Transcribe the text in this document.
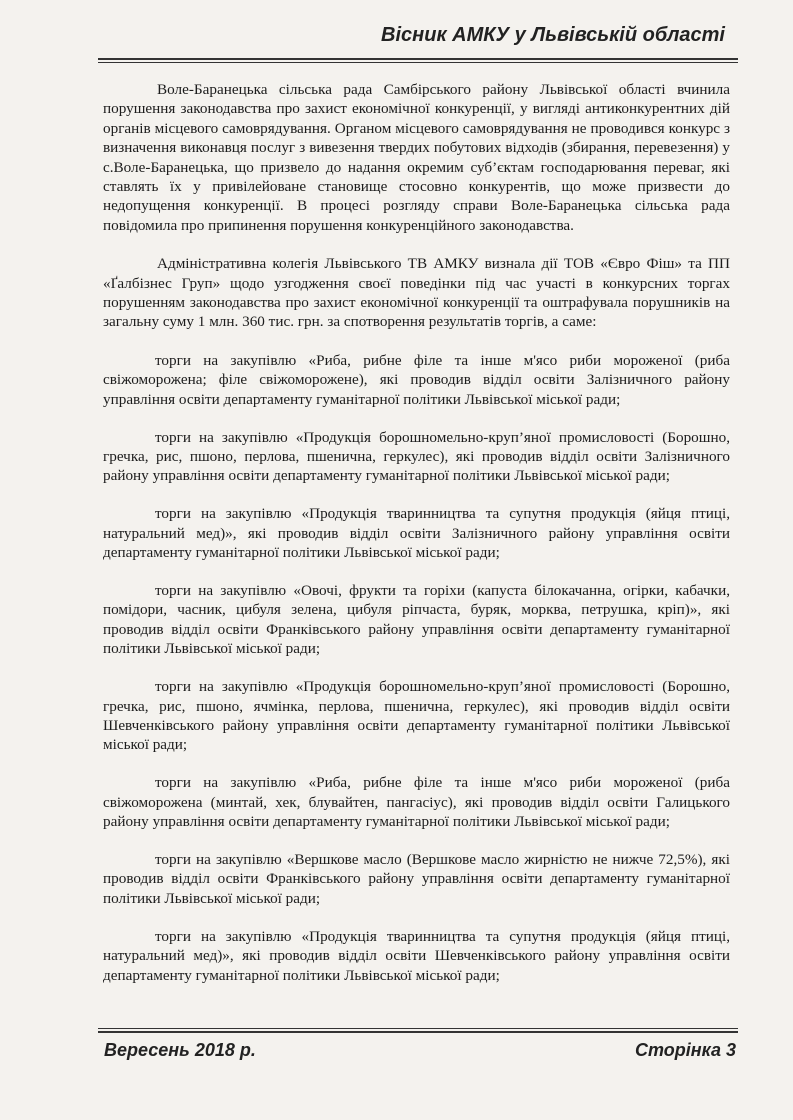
Вісник АМКУ у Львівській області

Воле-Баранецька сільська рада Самбірського району Львівської області вчинила порушення законодавства про захист економічної конкуренції, у вигляді антиконкурентних дій органів місцевого самоврядування. Органом місцевого самоврядування не проводився конкурс з визначення виконавця послуг з вивезення твердих побутових відходів (збирання, перевезення) у с.Воле-Баранецька, що призвело до надання окремим суб’єктам господарювання переваг, які ставлять їх у привілейоване становище стосовно конкурентів, що може призвести до недопущення конкуренції. В процесі розгляду справи Воле-Баранецька сільська рада повідомила про припинення порушення конкуренційного законодавства.

Адміністративна колегія Львівського ТВ АМКУ визнала дії ТОВ «Євро Фіш» та ПП «Ґалбізнес Груп» щодо узгодження своєї поведінки під час участі в конкурсних торгах порушенням законодавства про захист економічної конкуренції та оштрафувала порушників на загальну суму 1 млн. 360 тис. грн. за спотворення результатів торгів, а саме:

торги на закупівлю «Риба, рибне філе та інше м'ясо риби мороженої (риба свіжоморожена; філе свіжоморожене), які проводив відділ освіти Залізничного району управління освіти департаменту гуманітарної політики Львівської міської ради;

торги на закупівлю «Продукція борошномельно-круп’яної промисловості (Борошно, гречка, рис, пшоно, перлова, пшенична, геркулес), які проводив відділ освіти Залізничного району управління освіти департаменту гуманітарної політики Львівської міської ради;

торги на закупівлю «Продукція тваринництва та супутня продукція (яйця птиці, натуральний мед)», які проводив відділ освіти Залізничного району управління освіти департаменту гуманітарної політики Львівської міської ради;

торги на закупівлю «Овочі, фрукти та горіхи (капуста білокачанна, огірки, кабачки, помідори, часник, цибуля зелена, цибуля ріпчаста, буряк, морква, петрушка, кріп)», які проводив відділ освіти Франківського району управління освіти департаменту гуманітарної політики Львівської міської ради;

торги на закупівлю «Продукція борошномельно-круп’яної промисловості (Борошно, гречка, рис, пшоно, ячмінка, перлова, пшенична, геркулес), які проводив відділ освіти Шевченківського району управління освіти департаменту гуманітарної політики Львівської міської ради;

торги на закупівлю «Риба, рибне філе та інше м'ясо риби мороженої (риба свіжоморожена (минтай, хек, блувайтен, пангасіус), які проводив відділ освіти Галицького району управління освіти департаменту гуманітарної політики Львівської міської ради;

торги на закупівлю «Вершкове масло (Вершкове масло жирністю не нижче 72,5%), які проводив відділ освіти Франківського району управління освіти департаменту гуманітарної політики Львівської міської ради;

торги на закупівлю «Продукція тваринництва та супутня продукція (яйця птиці, натуральний мед)», які проводив відділ освіти Шевченківського району управління освіти департаменту гуманітарної політики Львівської міської ради;

Вересень 2018 р.	Сторінка 3
